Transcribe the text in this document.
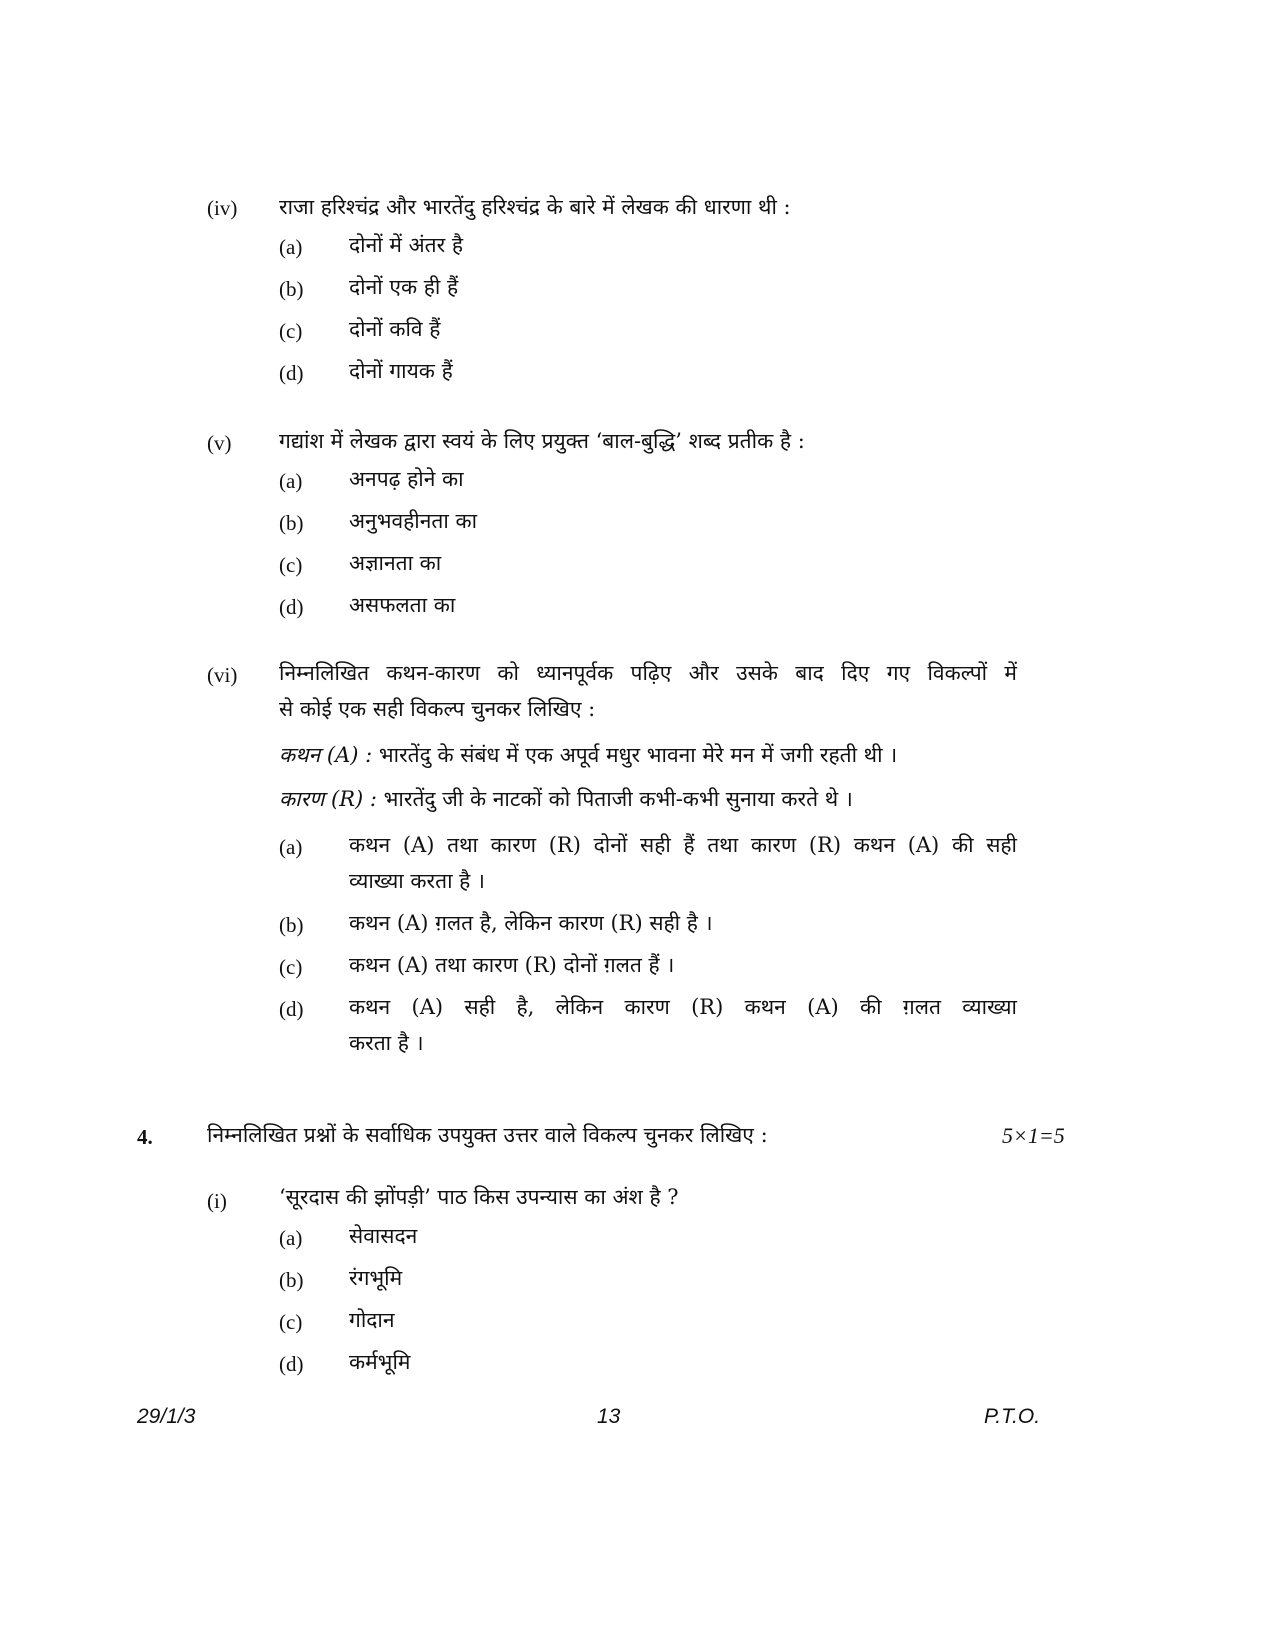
(iv) राजा हरिश्चंद्र और भारतेंदु हरिश्चंद्र के बारे में लेखक की धारणा थी :
(a) दोनों में अंतर है
(b) दोनों एक ही हैं
(c) दोनों कवि हैं
(d) दोनों गायक हैं
(v) गद्यांश में लेखक द्वारा स्वयं के लिए प्रयुक्त ‘बाल-बुद्धि’ शब्द प्रतीक है :
(a) अनपढ़ होने का
(b) अनुभवहीनता का
(c) अज्ञानता का
(d) असफलता का
(vi) निम्नलिखित कथन-कारण को ध्यानपूर्वक पढ़िए और उसके बाद दिए गए विकल्पों में
से कोई एक सही विकल्प चुनकर लिखिए :
कथन (A) : भारतेंदु के संबंध में एक अपूर्व मधुर भावना मेरे मन में जगी रहती थी ।
कारण (R) : भारतेंदु जी के नाटकों को पिताजी कभी-कभी सुनाया करते थे ।
(a) कथन (A) तथा कारण (R) दोनों सही हैं तथा कारण (R) कथन (A) की सही
व्याख्या करता है ।
(b) कथन (A) ग़लत है, लेकिन कारण (R) सही है ।
(c) कथन (A) तथा कारण (R) दोनों ग़लत हैं ।
(d) कथन (A) सही है, लेकिन कारण (R) कथन (A) की ग़लत व्याख्या
करता है ।
4.	निम्नलिखित प्रश्नों के सर्वाधिक उपयुक्त उत्तर वाले विकल्प चुनकर लिखिए :	5×1=5
(i) ‘सूरदास की झोंपड़ी’ पाठ किस उपन्यास का अंश है ?
(a) सेवासदन
(b) रंगभूमि
(c) गोदान
(d) कर्मभूमि
29/1/3	13	P.T.O.
